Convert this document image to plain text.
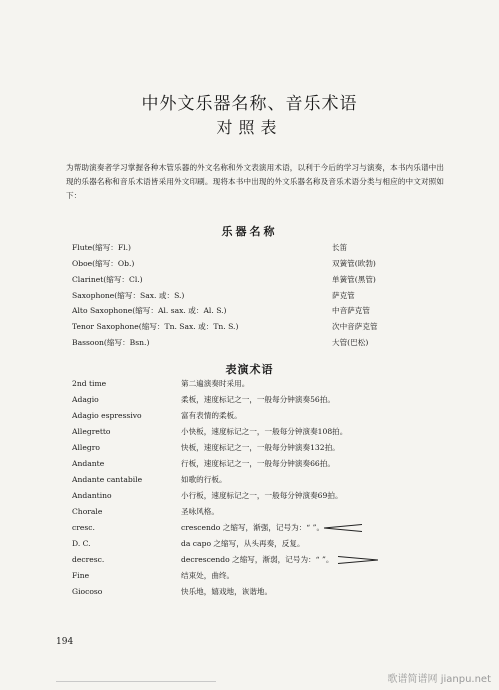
中外文乐器名称、音乐术语
对照表
为帮助演奏者学习掌握各种木管乐器的外文名称和外文表演用术语，以利于今后的学习与演奏，本书内乐谱中出现的乐器名称和音乐术语皆采用外文印刷。现将本书中出现的外文乐器名称及音乐术语分类与相应的中文对照如下：
乐器名称
Flute(缩写：Fl.)	长笛
Oboe(缩写：Ob.)	双簧管(欧勃)
Clarinet(缩写：Cl.)	单簧管(黑管)
Saxophone(缩写：Sax. 或：S.)	萨克管
Alto Saxophone(缩写：Al. sax. 或：Al. S.)	中音萨克管
Tenor Saxophone(缩写：Tn. Sax. 或：Tn. S.)	次中音萨克管
Bassoon(缩写：Bsn.)	大管(巴松)
表演术语
2nd time	第二遍演奏时采用。
Adagio	柔板，速度标记之一，一般每分钟演奏56拍。
Adagio espressivo	富有表情的柔板。
Allegretto	小快板，速度标记之一，一般每分钟演奏108拍。
Allegro	快板，速度标记之一，一般每分钟演奏132拍。
Andante	行板，速度标记之一，一般每分钟演奏66拍。
Andante cantabile	如歌的行板。
Andantino	小行板，速度标记之一，一般每分钟演奏69拍。
Chorale	圣咏风格。
cresc.	crescendo 之缩写，渐强，记号为：“ ”。
D. C.	da capo 之缩写，从头再奏，反复。
decresc.	decrescendo 之缩写，渐弱，记号为：“ ”。
Fine	结束处，曲终。
Giocoso	快乐地，嬉戏地，诙谐地。
194
歌谱简谱网 jianpu.net
